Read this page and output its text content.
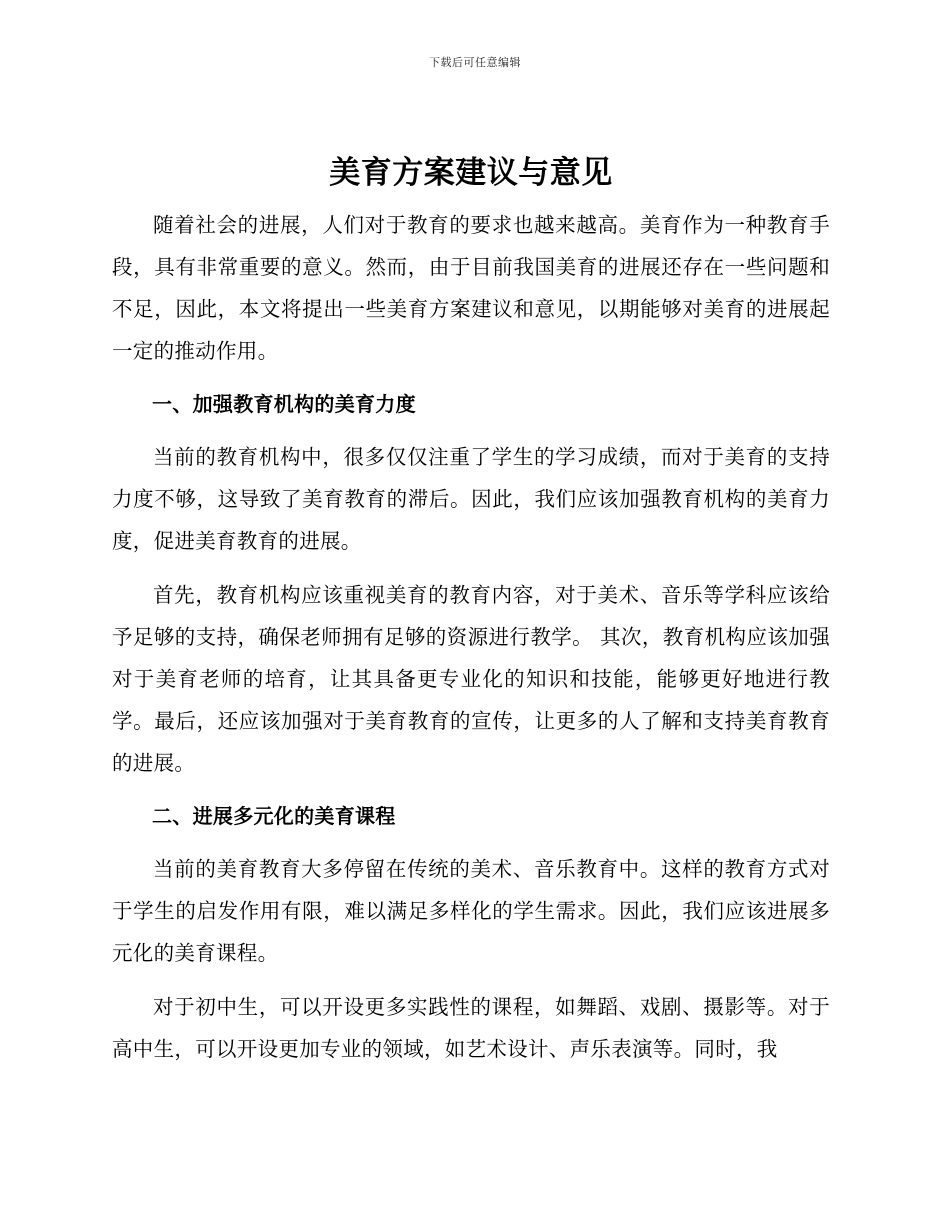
下载后可任意编辑
美育方案建议与意见

随着社会的进展，人们对于教育的要求也越来越高。美育作为一种教育手段，具有非常重要的意义。然而，由于目前我国美育的进展还存在一些问题和不足，因此，本文将提出一些美育方案建议和意见，以期能够对美育的进展起一定的推动作用。

一、加强教育机构的美育力度

当前的教育机构中，很多仅仅注重了学生的学习成绩，而对于美育的支持力度不够，这导致了美育教育的滞后。因此，我们应该加强教育机构的美育力度，促进美育教育的进展。

首先，教育机构应该重视美育的教育内容，对于美术、音乐等学科应该给予足够的支持，确保老师拥有足够的资源进行教学。 其次，教育机构应该加强对于美育老师的培育，让其具备更专业化的知识和技能，能够更好地进行教学。最后，还应该加强对于美育教育的宣传，让更多的人了解和支持美育教育的进展。

二、进展多元化的美育课程

当前的美育教育大多停留在传统的美术、音乐教育中。这样的教育方式对于学生的启发作用有限，难以满足多样化的学生需求。因此，我们应该进展多元化的美育课程。

对于初中生，可以开设更多实践性的课程，如舞蹈、戏剧、摄影等。对于高中生，可以开设更加专业的领域，如艺术设计、声乐表演等。同时，我
